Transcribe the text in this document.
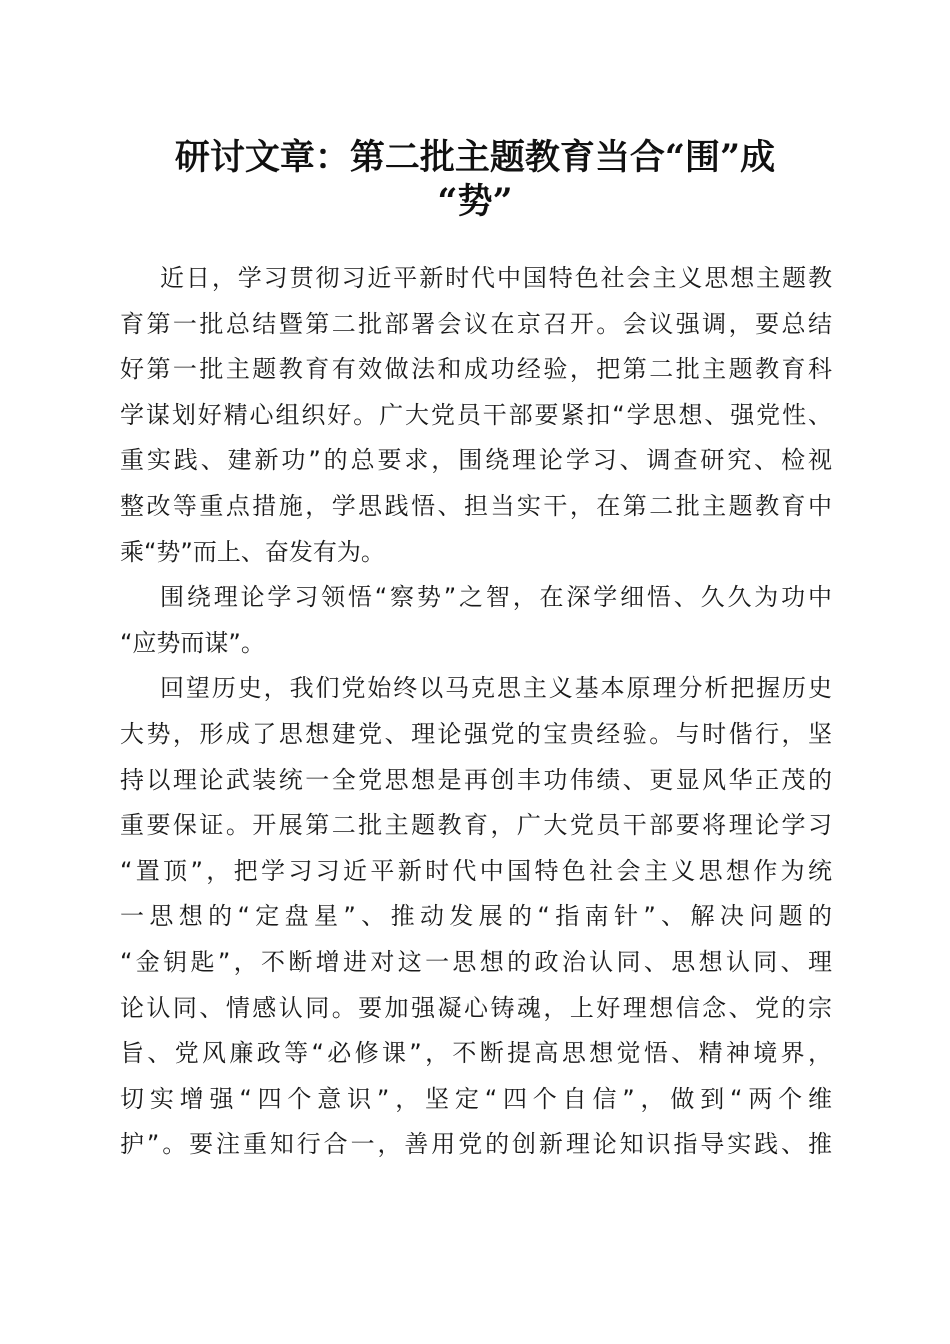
研讨文章：第二批主题教育当合“围”成
“势”

近日，学习贯彻习近平新时代中国特色社会主义思想主题教
育第一批总结暨第二批部署会议在京召开。会议强调，要总结
好第一批主题教育有效做法和成功经验，把第二批主题教育科
学谋划好精心组织好。广大党员干部要紧扣“学思想、强党性、
重实践、建新功”的总要求，围绕理论学习、调查研究、检视
整改等重点措施，学思践悟、担当实干，在第二批主题教育中
乘“势”而上、奋发有为。

围绕理论学习领悟“察势”之智，在深学细悟、久久为功中
“应势而谋”。

回望历史，我们党始终以马克思主义基本原理分析把握历史
大势，形成了思想建党、理论强党的宝贵经验。与时偕行，坚
持以理论武装统一全党思想是再创丰功伟绩、更显风华正茂的
重要保证。开展第二批主题教育，广大党员干部要将理论学习
“置顶”，把学习习近平新时代中国特色社会主义思想作为统
一思想的“定盘星”、推动发展的“指南针”、解决问题的
“金钥匙”，不断增进对这一思想的政治认同、思想认同、理
论认同、情感认同。要加强凝心铸魂，上好理想信念、党的宗
旨、党风廉政等“必修课”，不断提高思想觉悟、精神境界，
切实增强“四个意识”，坚定“四个自信”，做到“两个维
护”。要注重知行合一，善用党的创新理论知识指导实践、推
